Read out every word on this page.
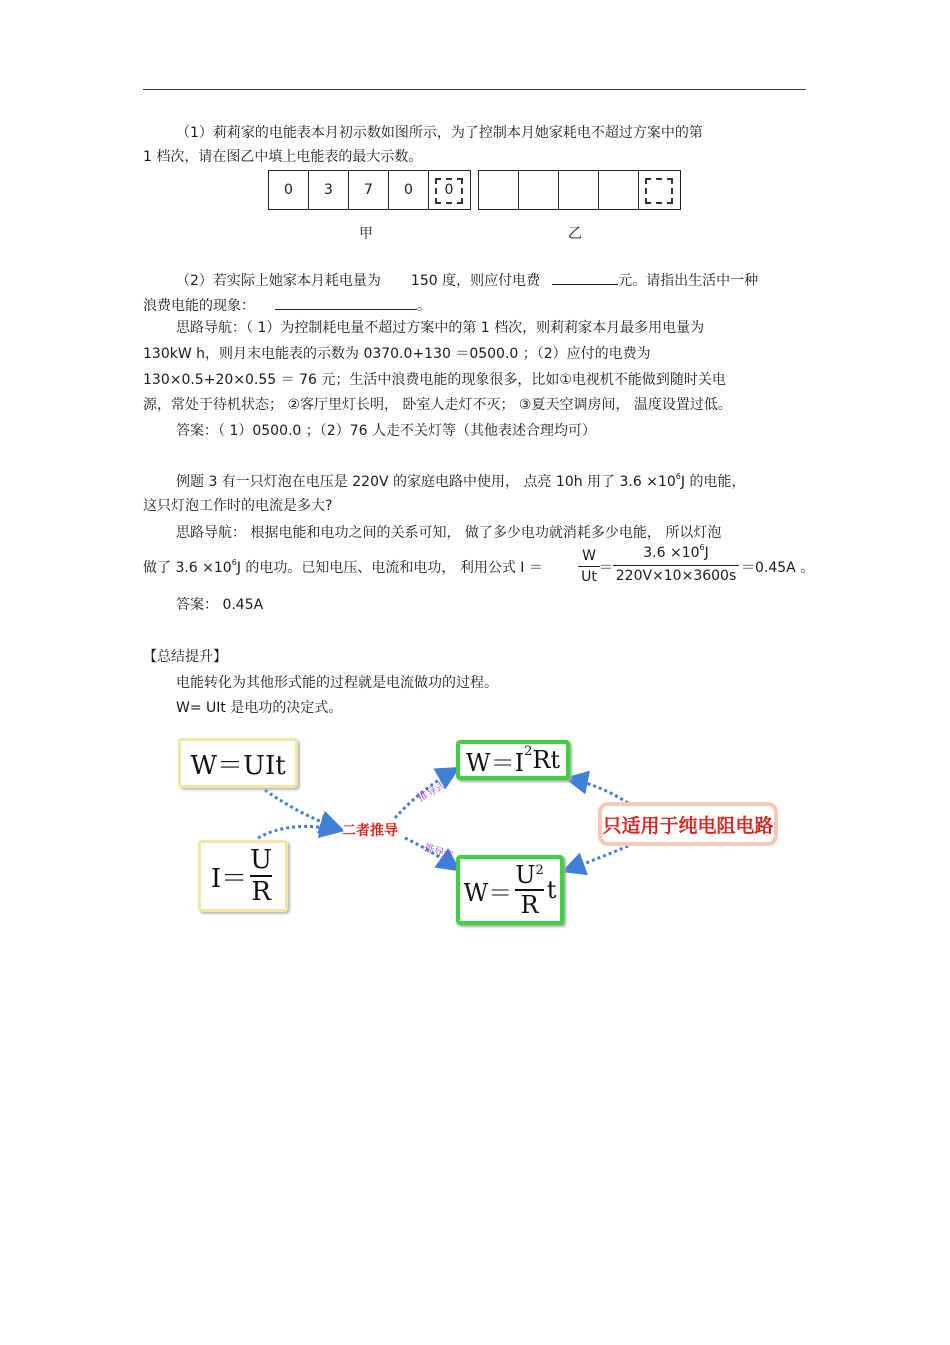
（1）莉莉家的电能表本月初示数如图所示，为了控制本月她家耗电不超过方案中的第
1 档次，请在图乙中填上电能表的最大示数。
0	3	7	0	0
甲	乙
（2）若实际上她家本月耗电量为 150 度，则应付电费	元。请指出生活中一种
浪费电能的现象：	。
思路导航：（ 1）为控制耗电量不超过方案中的第 1 档次，则莉莉家本月最多用电量为
130kW h，则月末电能表的示数为 0370.0+130 ＝0500.0 ；（2）应付的电费为
130×0.5+20×0.55 ＝ 76 元；生活中浪费电能的现象很多，比如①电视机不能做到随时关电
源，常处于待机状态； ②客厅里灯长明， 卧室人走灯不灭； ③夏天空调房间， 温度设置过低。
答案：（ 1）0500.0 ；（2）76 人走不关灯等（其他表述合理均可）
例题 3 有一只灯泡在电压是 220V 的家庭电路中使用， 点亮 10h 用了 $3.6 \times 10^6J$ 的电能，
这只灯泡工作时的电流是多大?
思路导航： 根据电能和电功之间的关系可知， 做了多少电功就消耗多少电能， 所以灯泡
做了 $3.6 \times 10^6J$ 的电功。已知电压、电流和电功， 利用公式 I ＝
W
Ut
＝
$3.6 \times 10^6J$
220V×10×3600s ＝0.45A 。
答案： 0.45A
【总结提升】
电能转化为其他形式能的过程就是电流做功的过程。
W= UIt 是电功的决定式。
W＝UIt
I＝
U
R
二者推导
推导式
推导式
W＝I 2 Rt
W＝
$U^2$
R
t
只适用于纯电阻电路
